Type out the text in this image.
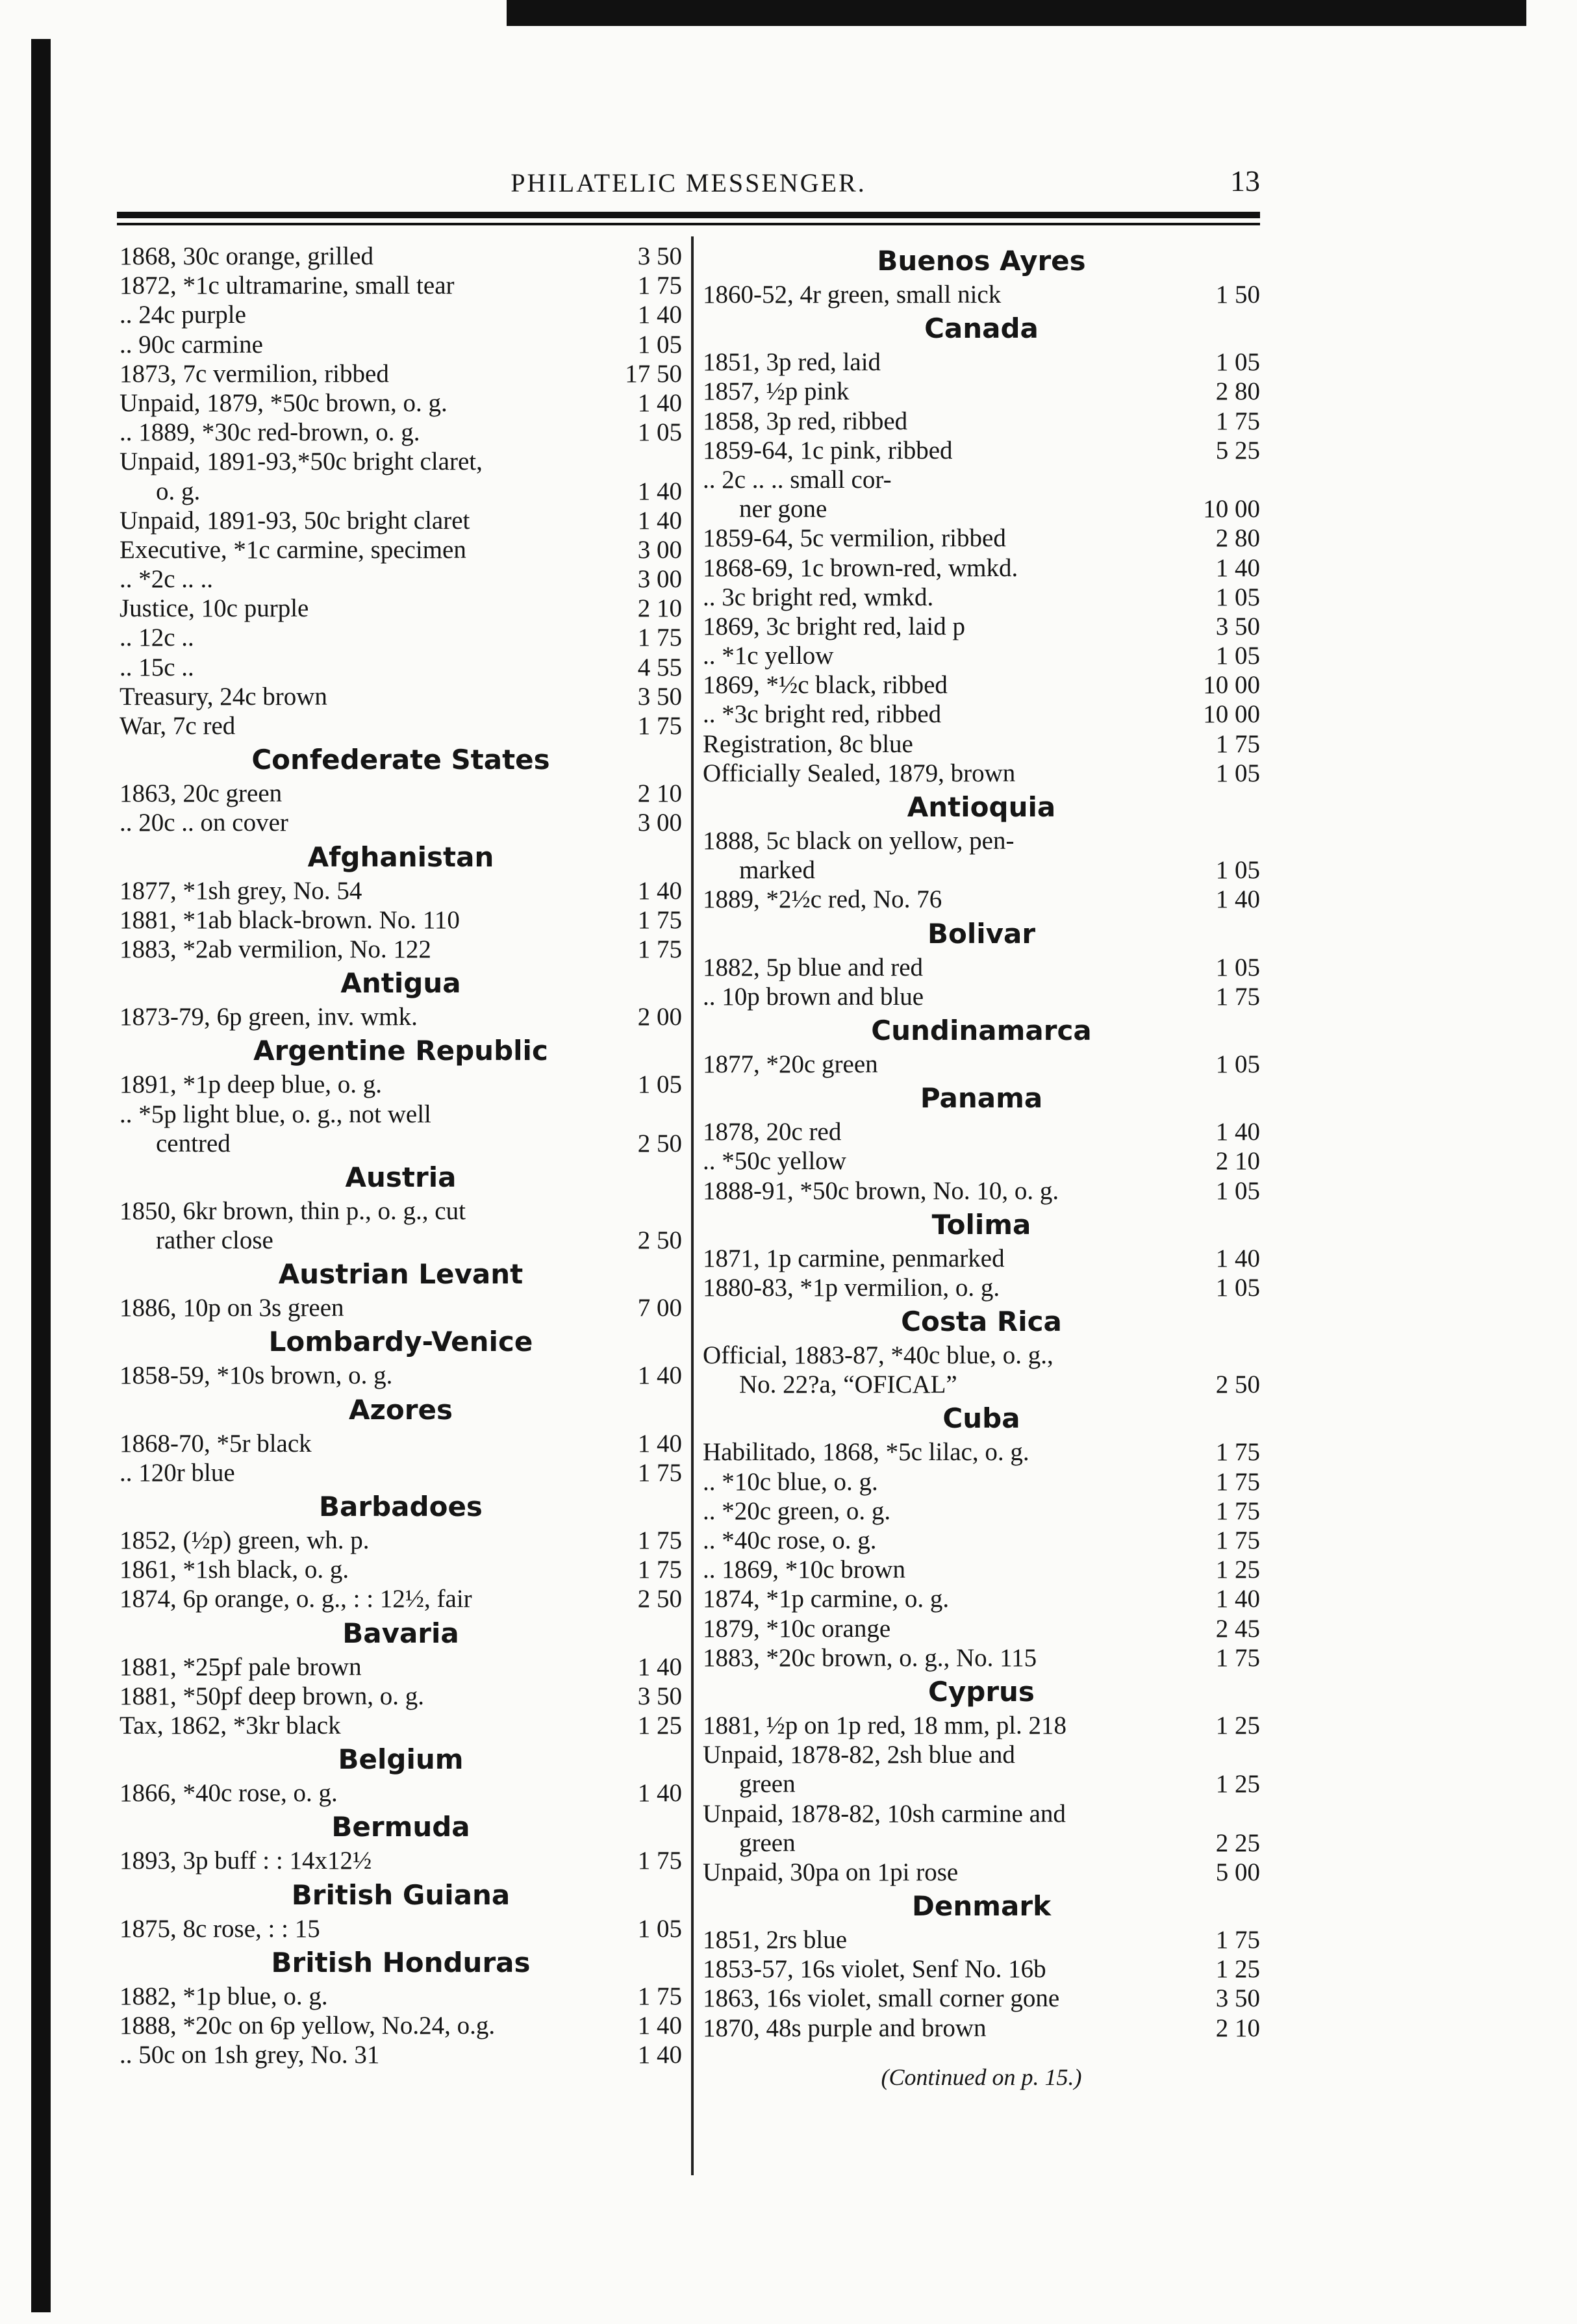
PHILATELIC MESSENGER.	13
1868, 30c orange, grilled	3 50
1872, *1c ultramarine, small tear	1 75
.. 24c purple	1 40
.. 90c carmine	1 05
1873, 7c vermilion, ribbed	17 50
Unpaid, 1879, *50c brown, o. g.	1 40
.. 1889, *30c red-brown, o. g.	1 05
Unpaid, 1891-93,*50c bright claret,
o. g.	1 40
Unpaid, 1891-93, 50c bright claret	1 40
Executive, *1c carmine, specimen	3 00
.. *2c .. ..	3 00
Justice, 10c purple	2 10
.. 12c ..	1 75
.. 15c ..	4 55
Treasury, 24c brown	3 50
War, 7c red	1 75
Confederate States
1863, 20c green	2 10
.. 20c .. on cover	3 00
Afghanistan
1877, *1sh grey, No. 54	1 40
1881, *1ab black-brown. No. 110	1 75
1883, *2ab vermilion, No. 122	1 75
Antigua
1873-79, 6p green, inv. wmk.	2 00
Argentine Republic
1891, *1p deep blue, o. g.	1 05
.. *5p light blue, o. g., not well
centred	2 50
Austria
1850, 6kr brown, thin p., o. g., cut
rather close	2 50
Austrian Levant
1886, 10p on 3s green	7 00
Lombardy-Venice
1858-59, *10s brown, o. g.	1 40
Azores
1868-70, *5r black	1 40
.. 120r blue	1 75
Barbadoes
1852, (½p) green, wh. p.	1 75
1861, *1sh black, o. g.	1 75
1874, 6p orange, o. g., : : 12½, fair	2 50
Bavaria
1881, *25pf pale brown	1 40
1881, *50pf deep brown, o. g.	3 50
Tax, 1862, *3kr black	1 25
Belgium
1866, *40c rose, o. g.	1 40
Bermuda
1893, 3p buff : : 14x12½	1 75
British Guiana
1875, 8c rose, : : 15	1 05
British Honduras
1882, *1p blue, o. g.	1 75
1888, *20c on 6p yellow, No.24, o.g.	1 40
.. 50c on 1sh grey, No. 31	1 40
Buenos Ayres
1860-52, 4r green, small nick	1 50
Canada
1851, 3p red, laid	1 05
1857, ½p pink	2 80
1858, 3p red, ribbed	1 75
1859-64, 1c pink, ribbed	5 25
.. 2c .. .. small cor-
ner gone	10 00
1859-64, 5c vermilion, ribbed	2 80
1868-69, 1c brown-red, wmkd.	1 40
.. 3c bright red, wmkd.	1 05
1869, 3c bright red, laid p	3 50
.. *1c yellow	1 05
1869, *½c black, ribbed	10 00
.. *3c bright red, ribbed	10 00
Registration, 8c blue	1 75
Officially Sealed, 1879, brown	1 05
Antioquia
1888, 5c black on yellow, pen-
marked	1 05
1889, *2½c red, No. 76	1 40
Bolivar
1882, 5p blue and red	1 05
.. 10p brown and blue	1 75
Cundinamarca
1877, *20c green	1 05
Panama
1878, 20c red	1 40
.. *50c yellow	2 10
1888-91, *50c brown, No. 10, o. g.	1 05
Tolima
1871, 1p carmine, penmarked	1 40
1880-83, *1p vermilion, o. g.	1 05
Costa Rica
Official, 1883-87, *40c blue, o. g.,
No. 22?a, “OFICAL”	2 50
Cuba
Habilitado, 1868, *5c lilac, o. g.	1 75
.. *10c blue, o. g.	1 75
.. *20c green, o. g.	1 75
.. *40c rose, o. g.	1 75
.. 1869, *10c brown	1 25
1874, *1p carmine, o. g.	1 40
1879, *10c orange	2 45
1883, *20c brown, o. g., No. 115	1 75
Cyprus
1881, ½p on 1p red, 18 mm, pl. 218	1 25
Unpaid, 1878-82, 2sh blue and
green	1 25
Unpaid, 1878-82, 10sh carmine and
green	2 25
Unpaid, 30pa on 1pi rose	5 00
Denmark
1851, 2rs blue	1 75
1853-57, 16s violet, Senf No. 16b	1 25
1863, 16s violet, small corner gone	3 50
1870, 48s purple and brown	2 10
(Continued on p. 15.)
